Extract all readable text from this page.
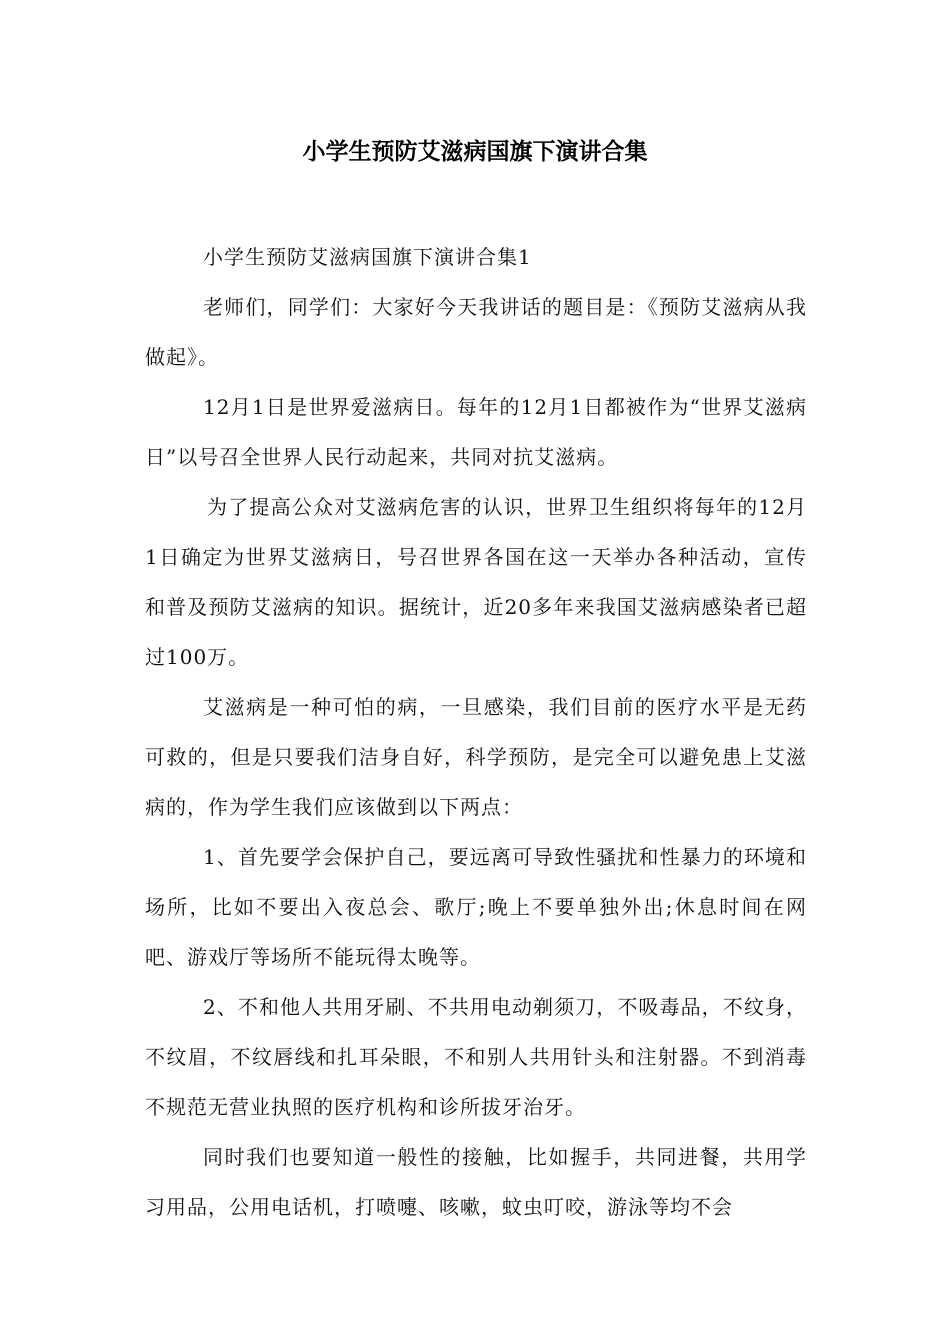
小学生预防艾滋病国旗下演讲合集

小学生预防艾滋病国旗下演讲合集1

老师们，同学们：大家好今天我讲话的题目是：《预防艾滋病从我做起》。

12月1日是世界爱滋病日。每年的12月1日都被作为“世界艾滋病日”以号召全世界人民行动起来，共同对抗艾滋病。

为了提高公众对艾滋病危害的认识，世界卫生组织将每年的12月1日确定为世界艾滋病日，号召世界各国在这一天举办各种活动，宣传和普及预防艾滋病的知识。据统计，近20多年来我国艾滋病感染者已超过100万。

艾滋病是一种可怕的病，一旦感染，我们目前的医疗水平是无药可救的，但是只要我们洁身自好，科学预防，是完全可以避免患上艾滋病的，作为学生我们应该做到以下两点：

1、首先要学会保护自己，要远离可导致性骚扰和性暴力的环境和场所，比如不要出入夜总会、歌厅;晚上不要单独外出;休息时间在网吧、游戏厅等场所不能玩得太晚等。

2、不和他人共用牙刷、不共用电动剃须刀，不吸毒品，不纹身，不纹眉，不纹唇线和扎耳朵眼，不和别人共用针头和注射器。不到消毒不规范无营业执照的医疗机构和诊所拔牙治牙。

同时我们也要知道一般性的接触，比如握手，共同进餐，共用学习用品，公用电话机，打喷嚏、咳嗽，蚊虫叮咬，游泳等均不会
